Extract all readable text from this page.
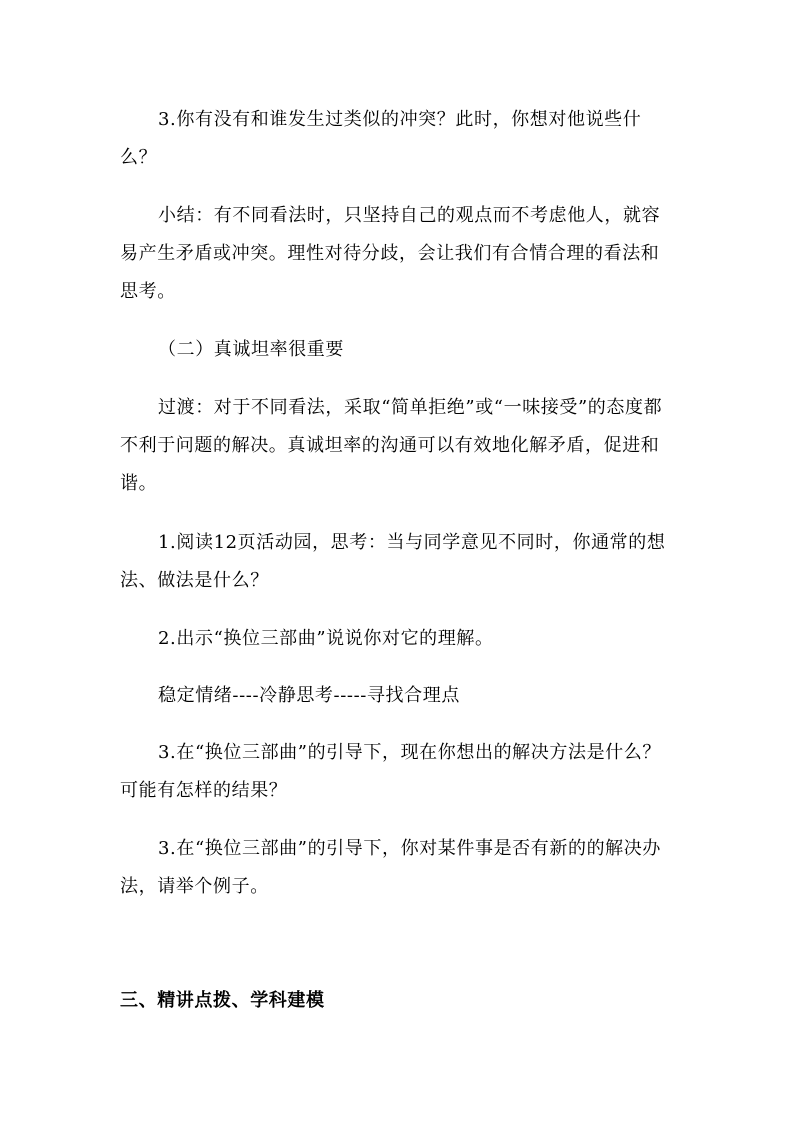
3.你有没有和谁发生过类似的冲突？此时，你想对他说些什么？

小结：有不同看法时，只坚持自己的观点而不考虑他人，就容易产生矛盾或冲突。理性对待分歧，会让我们有合情合理的看法和思考。

（二）真诚坦率很重要

过渡：对于不同看法，采取“简单拒绝”或“一味接受”的态度都不利于问题的解决。真诚坦率的沟通可以有效地化解矛盾，促进和谐。

1.阅读12页活动园，思考：当与同学意见不同时，你通常的想法、做法是什么？

2.出示“换位三部曲”说说你对它的理解。

稳定情绪----冷静思考-----寻找合理点

3.在“换位三部曲”的引导下，现在你想出的解决方法是什么？可能有怎样的结果？

3.在“换位三部曲”的引导下，你对某件事是否有新的的解决办法，请举个例子。

三、精讲点拨、学科建模
